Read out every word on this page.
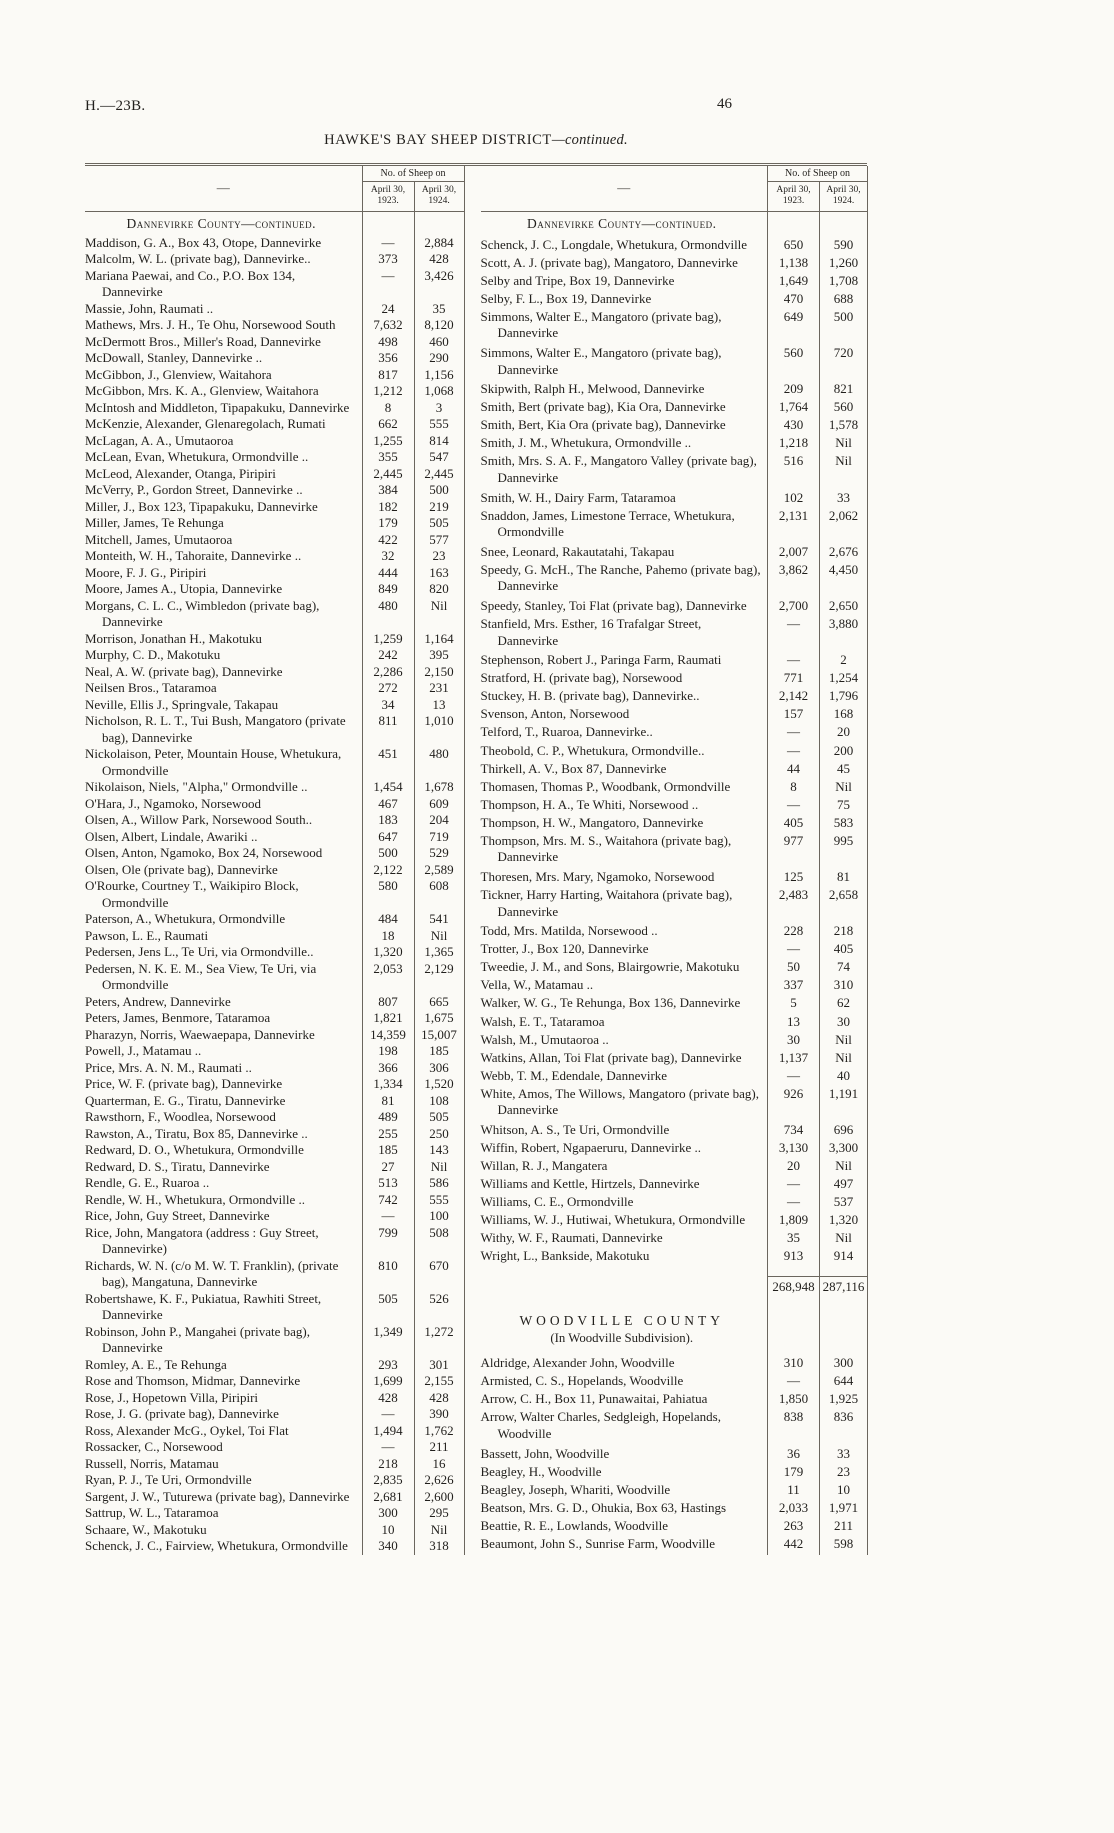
H.—23B.	46
HAWKE'S BAY SHEEP DISTRICT—continued.
—	No. of Sheep on	
	April 30, 1923.	April 30, 1924.

Dannevirke County—continued.		

Maddison, G. A., Box 43, Otope, Dannevirke	—	2,884

Malcolm, W. L. (private bag), Dannevirke..	373	428

Mariana Paewai, and Co., P.O. Box 134, Dannevirke	—	3,426

Massie, John, Raumati ..	24	35

Mathews, Mrs. J. H., Te Ohu, Norsewood South	7,632	8,120

McDermott Bros., Miller's Road, Dannevirke	498	460

McDowall, Stanley, Dannevirke ..	356	290

McGibbon, J., Glenview, Waitahora	817	1,156

McGibbon, Mrs. K. A., Glenview, Waitahora	1,212	1,068

McIntosh and Middleton, Tipapakuku, Dannevirke	8	3

McKenzie, Alexander, Glenaregolach, Rumati	662	555

McLagan, A. A., Umutaoroa	1,255	814

McLean, Evan, Whetukura, Ormondville ..	355	547

McLeod, Alexander, Otanga, Piripiri	2,445	2,445

McVerry, P., Gordon Street, Dannevirke ..	384	500

Miller, J., Box 123, Tipapakuku, Dannevirke	182	219

Miller, James, Te Rehunga	179	505

Mitchell, James, Umutaoroa	422	577

Monteith, W. H., Tahoraite, Dannevirke ..	32	23

Moore, F. J. G., Piripiri	444	163

Moore, James A., Utopia, Dannevirke	849	820

Morgans, C. L. C., Wimbledon (private bag), Dannevirke	480	Nil

Morrison, Jonathan H., Makotuku	1,259	1,164

Murphy, C. D., Makotuku	242	395

Neal, A. W. (private bag), Dannevirke	2,286	2,150

Neilsen Bros., Tataramoa	272	231

Neville, Ellis J., Springvale, Takapau	34	13

Nicholson, R. L. T., Tui Bush, Mangatoro (private bag), Dannevirke	811	1,010

Nickolaison, Peter, Mountain House, Whetukura, Ormondville	451	480

Nikolaison, Niels, "Alpha," Ormondville ..	1,454	1,678

O'Hara, J., Ngamoko, Norsewood	467	609

Olsen, A., Willow Park, Norsewood South..	183	204

Olsen, Albert, Lindale, Awariki ..	647	719

Olsen, Anton, Ngamoko, Box 24, Norsewood	500	529

Olsen, Ole (private bag), Dannevirke	2,122	2,589

O'Rourke, Courtney T., Waikipiro Block, Ormondville	580	608

Paterson, A., Whetukura, Ormondville	484	541

Pawson, L. E., Raumati	18	Nil

Pedersen, Jens L., Te Uri, via Ormondville..	1,320	1,365

Pedersen, N. K. E. M., Sea View, Te Uri, via Ormondville	2,053	2,129

Peters, Andrew, Dannevirke	807	665

Peters, James, Benmore, Tataramoa	1,821	1,675

Pharazyn, Norris, Waewaepapa, Dannevirke	14,359	15,007

Powell, J., Matamau ..	198	185

Price, Mrs. A. N. M., Raumati ..	366	306

Price, W. F. (private bag), Dannevirke	1,334	1,520

Quarterman, E. G., Tiratu, Dannevirke	81	108

Rawsthorn, F., Woodlea, Norsewood	489	505

Rawston, A., Tiratu, Box 85, Dannevirke ..	255	250

Redward, D. O., Whetukura, Ormondville	185	143

Redward, D. S., Tiratu, Dannevirke	27	Nil

Rendle, G. E., Ruaroa ..	513	586

Rendle, W. H., Whetukura, Ormondville ..	742	555

Rice, John, Guy Street, Dannevirke	—	100

Rice, John, Mangatora (address : Guy Street, Dannevirke)	799	508

Richards, W. N. (c/o M. W. T. Franklin), (private bag), Mangatuna, Dannevirke	810	670

Robertshawe, K. F., Pukiatua, Rawhiti Street, Dannevirke	505	526

Robinson, John P., Mangahei (private bag), Dannevirke	1,349	1,272

Romley, A. E., Te Rehunga	293	301

Rose and Thomson, Midmar, Dannevirke	1,699	2,155

Rose, J., Hopetown Villa, Piripiri	428	428

Rose, J. G. (private bag), Dannevirke	—	390

Ross, Alexander McG., Oykel, Toi Flat	1,494	1,762

Rossacker, C., Norsewood	—	211

Russell, Norris, Matamau	218	16

Ryan, P. J., Te Uri, Ormondville	2,835	2,626

Sargent, J. W., Tuturewa (private bag), Dannevirke	2,681	2,600

Sattrup, W. L., Tataramoa	300	295

Schaare, W., Makotuku	10	Nil

Schenck, J. C., Fairview, Whetukura, Ormondville	340	318
—	No. of Sheep on	
	April 30, 1923.	April 30, 1924.

Dannevirke County—continued.		

Schenck, J. C., Longdale, Whetukura, Ormondville	650	590

Scott, A. J. (private bag), Mangatoro, Dannevirke	1,138	1,260

Selby and Tripe, Box 19, Dannevirke	1,649	1,708

Selby, F. L., Box 19, Dannevirke	470	688

Simmons, Walter E., Mangatoro (private bag), Dannevirke	649	500

Simmons, Walter E., Mangatoro (private bag), Dannevirke	560	720

Skipwith, Ralph H., Melwood, Dannevirke	209	821

Smith, Bert (private bag), Kia Ora, Dannevirke	1,764	560

Smith, Bert, Kia Ora (private bag), Dannevirke	430	1,578

Smith, J. M., Whetukura, Ormondville ..	1,218	Nil

Smith, Mrs. S. A. F., Mangatoro Valley (private bag), Dannevirke	516	Nil

Smith, W. H., Dairy Farm, Tataramoa	102	33

Snaddon, James, Limestone Terrace, Whetukura, Ormondville	2,131	2,062

Snee, Leonard, Rakautatahi, Takapau	2,007	2,676

Speedy, G. McH., The Ranche, Pahemo (private bag), Dannevirke	3,862	4,450

Speedy, Stanley, Toi Flat (private bag), Dannevirke	2,700	2,650

Stanfield, Mrs. Esther, 16 Trafalgar Street, Dannevirke	—	3,880

Stephenson, Robert J., Paringa Farm, Raumati	—	2

Stratford, H. (private bag), Norsewood	771	1,254

Stuckey, H. B. (private bag), Dannevirke..	2,142	1,796

Svenson, Anton, Norsewood	157	168

Telford, T., Ruaroa, Dannevirke..	—	20

Theobold, C. P., Whetukura, Ormondville..	—	200

Thirkell, A. V., Box 87, Dannevirke	44	45

Thomasen, Thomas P., Woodbank, Ormondville	8	Nil

Thompson, H. A., Te Whiti, Norsewood ..	—	75

Thompson, H. W., Mangatoro, Dannevirke	405	583

Thompson, Mrs. M. S., Waitahora (private bag), Dannevirke	977	995

Thoresen, Mrs. Mary, Ngamoko, Norsewood	125	81

Tickner, Harry Harting, Waitahora (private bag), Dannevirke	2,483	2,658

Todd, Mrs. Matilda, Norsewood ..	228	218

Trotter, J., Box 120, Dannevirke	—	405

Tweedie, J. M., and Sons, Blairgowrie, Makotuku	50	74

Vella, W., Matamau ..	337	310

Walker, W. G., Te Rehunga, Box 136, Dannevirke	5	62

Walsh, E. T., Tataramoa	13	30

Walsh, M., Umutaoroa ..	30	Nil

Watkins, Allan, Toi Flat (private bag), Dannevirke	1,137	Nil

Webb, T. M., Edendale, Dannevirke	—	40

White, Amos, The Willows, Mangatoro (private bag), Dannevirke	926	1,191

Whitson, A. S., Te Uri, Ormondville	734	696

Wiffin, Robert, Ngapaeruru, Dannevirke ..	3,130	3,300

Willan, R. J., Mangatera	20	Nil

Williams and Kettle, Hirtzels, Dannevirke	—	497

Williams, C. E., Ormondville	—	537

Williams, W. J., Hutiwai, Whetukura, Ormondville	1,809	1,320

Withy, W. F., Raumati, Dannevirke	35	Nil

Wright, L., Bankside, Makotuku	913	914

	268,948	287,116

WOODVILLE COUNTY
(In Woodville Subdivision).		

Aldridge, Alexander John, Woodville	310	300

Armisted, C. S., Hopelands, Woodville	—	644

Arrow, C. H., Box 11, Punawaitai, Pahiatua	1,850	1,925

Arrow, Walter Charles, Sedgleigh, Hopelands, Woodville	838	836

Bassett, John, Woodville	36	33

Beagley, H., Woodville	179	23

Beagley, Joseph, Whariti, Woodville	11	10

Beatson, Mrs. G. D., Ohukia, Box 63, Hastings	2,033	1,971

Beattie, R. E., Lowlands, Woodville	263	211

Beaumont, John S., Sunrise Farm, Woodville	442	598
